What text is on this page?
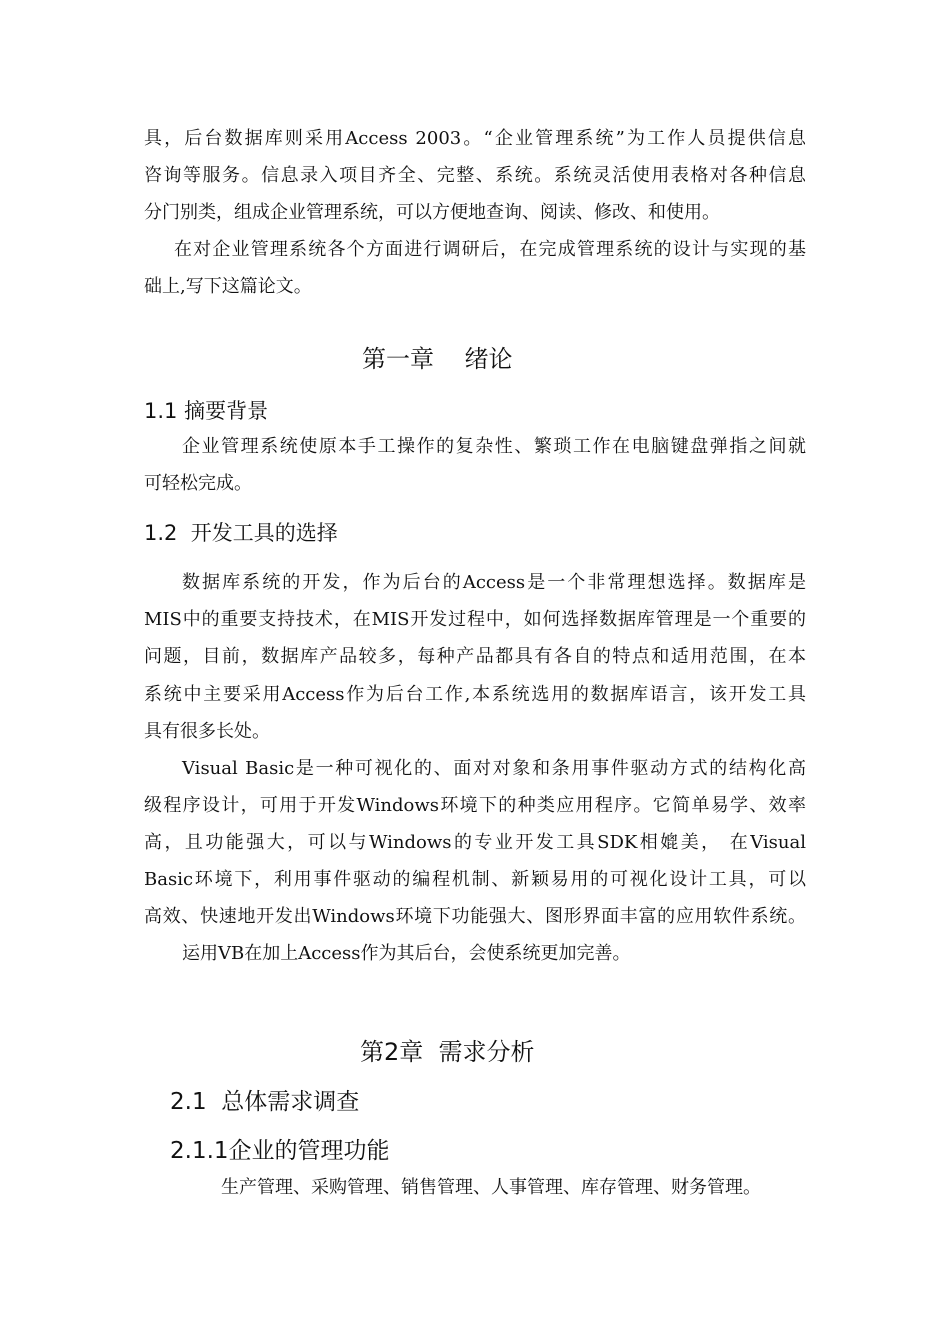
具，后台数据库则采用Access 2003。“企业管理系统”为工作人员提供信息
咨询等服务。信息录入项目齐全、完整、系统。系统灵活使用表格对各种信息
分门别类，组成企业管理系统，可以方便地查询、阅读、修改、和使用。
在对企业管理系统各个方面进行调研后，在完成管理系统的设计与实现的基
础上,写下这篇论文。
第一章    绪论
1.1 摘要背景
企业管理系统使原本手工操作的复杂性、繁琐工作在电脑键盘弹指之间就
可轻松完成。
1.2  开发工具的选择
数据库系统的开发，作为后台的Access是一个非常理想选择。数据库是
MIS中的重要支持技术，在MIS开发过程中，如何选择数据库管理是一个重要的
问题，目前，数据库产品较多，每种产品都具有各自的特点和适用范围，在本
系统中主要采用Access作为后台工作,本系统选用的数据库语言，该开发工具
具有很多长处。
Visual Basic是一种可视化的、面对对象和条用事件驱动方式的结构化高
级程序设计，可用于开发Windows环境下的种类应用程序。它简单易学、效率
高，且功能强大，可以与Windows的专业开发工具SDK相媲美， 在Visual
Basic环境下，利用事件驱动的编程机制、新颖易用的可视化设计工具，可以
高效、快速地开发出Windows环境下功能强大、图形界面丰富的应用软件系统。
运用VB在加上Access作为其后台，会使系统更加完善。
第2章  需求分析
2.1  总体需求调查
2.1.1企业的管理功能
生产管理、采购管理、销售管理、人事管理、库存管理、财务管理。
